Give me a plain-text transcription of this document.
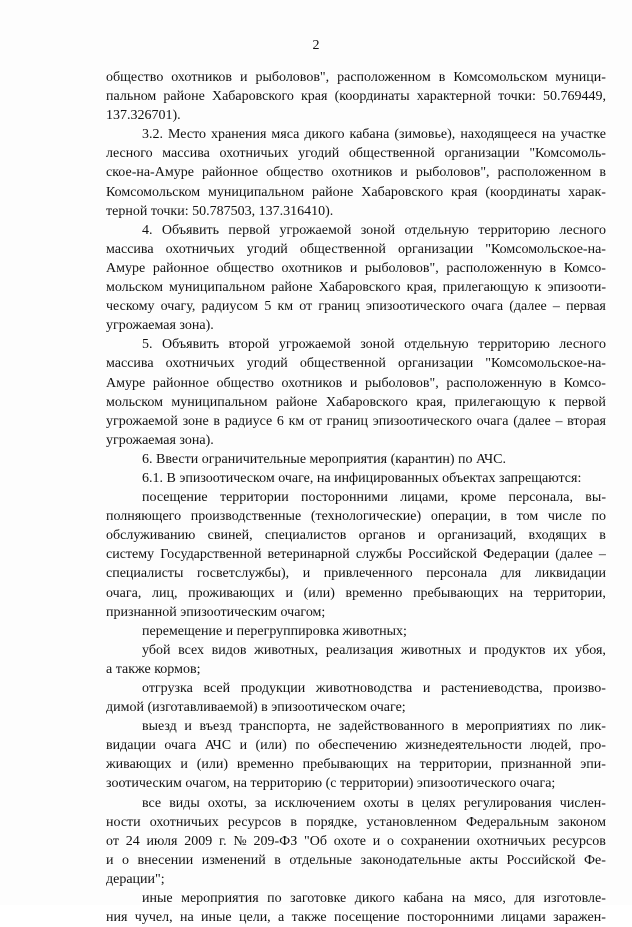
2
общество охотников и рыболовов", расположенном в Комсомольском муници-
пальном районе Хабаровского края (координаты характерной точки: 50.769449,
137.326701).
3.2. Место хранения мяса дикого кабана (зимовье), находящееся на участке
лесного массива охотничьих угодий общественной организации "Комсомоль-
ское-на-Амуре районное общество охотников и рыболовов", расположенном в
Комсомольском муниципальном районе Хабаровского края (координаты харак-
терной точки: 50.787503, 137.316410).
4. Объявить первой угрожаемой зоной отдельную территорию лесного
массива охотничьих угодий общественной организации "Комсомольское-на-
Амуре районное общество охотников и рыболовов", расположенную в Комсо-
мольском муниципальном районе Хабаровского края, прилегающую к эпизооти-
ческому очагу, радиусом 5 км от границ эпизоотического очага (далее – первая
угрожаемая зона).
5. Объявить второй угрожаемой зоной отдельную территорию лесного
массива охотничьих угодий общественной организации "Комсомольское-на-
Амуре районное общество охотников и рыболовов", расположенную в Комсо-
мольском муниципальном районе Хабаровского края, прилегающую к первой
угрожаемой зоне в радиусе 6 км от границ эпизоотического очага (далее – вторая
угрожаемая зона).
6. Ввести ограничительные мероприятия (карантин) по АЧС.
6.1. В эпизоотическом очаге, на инфицированных объектах запрещаются:
посещение территории посторонними лицами, кроме персонала, вы-
полняющего производственные (технологические) операции, в том числе по
обслуживанию свиней, специалистов органов и организаций, входящих в
систему Государственной ветеринарной службы Российской Федерации (далее –
специалисты госветслужбы), и привлеченного персонала для ликвидации
очага, лиц, проживающих и (или) временно пребывающих на территории,
признанной эпизоотическим очагом;
перемещение и перегруппировка животных;
убой всех видов животных, реализация животных и продуктов их убоя,
а также кормов;
отгрузка всей продукции животноводства и растениеводства, произво-
димой (изготавливаемой) в эпизоотическом очаге;
выезд и въезд транспорта, не задействованного в мероприятиях по лик-
видации очага АЧС и (или) по обеспечению жизнедеятельности людей, про-
живающих и (или) временно пребывающих на территории, признанной эпи-
зоотическим очагом, на территорию (с территории) эпизоотического очага;
все виды охоты, за исключением охоты в целях регулирования числен-
ности охотничьих ресурсов в порядке, установленном Федеральным законом
от 24 июля 2009 г. № 209-ФЗ "Об охоте и о сохранении охотничьих ресурсов
и о внесении изменений в отдельные законодательные акты Российской Фе-
дерации";
иные мероприятия по заготовке дикого кабана на мясо, для изготовле-
ния чучел, на иные цели, а также посещение посторонними лицами заражен-
